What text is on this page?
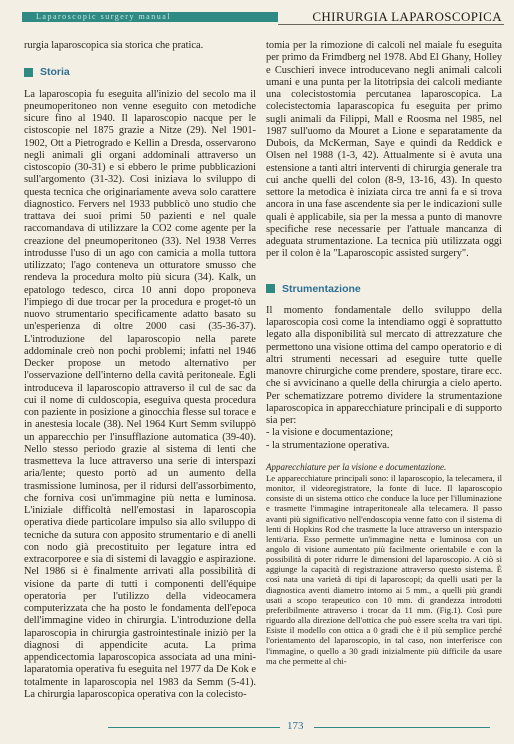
Laparoscopic surgery manual	CHIRURGIA LAPAROSCOPICA

rurgia laparoscopica sia storica che pratica.

Storia

La laparoscopia fu eseguita all'inizio del secolo ma il pneumoperitoneo non venne eseguito con metodiche sicure fino al 1940. Il laparoscopio nacque per le cistoscopie nel 1875 grazie a Nitze (29). Nel 1901-1902, Ott a Pietrogrado e Kellin a Dresda, osservarono negli animali gli organi addominali attraverso un cistoscopio (30-31) e si ebbero le prime pubblicazioni sull'argomento (31-32). Così iniziava lo sviluppo di questa tecnica che originariamente aveva solo carattere diagnostico. Fervers nel 1933 pubblicò uno studio che trattava dei suoi primi 50 pazienti e nel quale raccomandava di utilizzare la CO2 come agente per la creazione del pneumoperitoneo (33). Nel 1938 Verres introdusse l'uso di un ago con camicia a molla tuttora utilizzato; l'ago conteneva un otturatore smusso che rendeva la procedura molto più sicura (34). Kalk, un epatologo tedesco, circa 10 anni dopo proponeva l'impiego di due trocar per la procedura e proget-tò un nuovo strumentario specificamente adatto basato su un'esperienza di oltre 2000 casi (35-36-37). L'introduzione del laparoscopio nella parete addominale creò non pochi problemi; infatti nel 1946 Decker propose un metodo alternativo per l'osservazione dell'interno della cavità peritoneale. Egli introduceva il laparoscopio attraverso il cul de sac da cui il nome di culdoscopia, eseguiva questa procedura con paziente in posizione a ginocchia flesse sul torace e in anestesia locale (38). Nel 1964 Kurt Semm sviluppò un apparecchio per l'insufflazione automatica (39-40). Nello stesso periodo grazie al sistema di lenti che trasmetteva la luce attraverso una serie di interspazi aria/lente; questo portò ad un aumento della trasmissione luminosa, per il ridursi dell'assorbimento, che forniva così un'immagine più netta e luminosa. L'iniziale difficoltà nell'emostasi in laparoscopia operativa diede particolare impulso sia allo sviluppo di tecniche da sutura con apposito strumentario e di anelli con nodo già precostituito per legature intra ed extracorporee e sia di sistemi di lavaggio e aspirazione. Nel 1986 si è finalmente arrivati alla possibilità di visione da parte di tutti i componenti dell'équipe operatoria per l'utilizzo della videocamera computerizzata che ha posto le fondamenta dell'epoca dell'immagine video in chirurgia. L'introduzione della laparoscopia in chirurgia gastrointestinale iniziò per la diagnosi di appendicite acuta. La prima appendicectomia laparoscopica associata ad una mini-laparatomia operativa fu eseguita nel 1977 da De Kok e totalmente in laparoscopia nel 1983 da Semm (5-41). La chirurgia laparoscopica operativa con la colecisto-

tomia per la rimozione di calcoli nel maiale fu eseguita per primo da Frimdberg nel 1978. Abd El Ghany, Holley e Cuschieri invece introducevano negli animali calcoli umani e una punta per la litotripsia dei calcoli mediante una colecistostomia percutanea laparoscopica. La colecistectomia laparascopica fu eseguita per primo sugli animali da Filippi, Mall e Roosma nel 1985, nel 1987 sull'uomo da Mouret a Lione e separatamente da Dubois, da McKerman, Saye e quindi da Reddick e Olsen nel 1988 (1-3, 42). Attualmente si è avuta una estensione a tanti altri interventi di chirurgia generale tra cui anche quelli del colon (8-9, 13-16, 43). In questo settore la metodica è iniziata circa tre anni fa e si trova ancora in una fase ascendente sia per le indicazioni sulle quali è applicabile, sia per la messa a punto di manovre specifiche rese necessarie per l'attuale mancanza di adeguata strumentazione. La tecnica più utilizzata oggi per il colon è la "Laparoscopic assisted surgery".

Strumentazione

Il momento fondamentale dello sviluppo della laparoscopia così come la intendiamo oggi è soprattutto legato alla disponibilità sul mercato di attrezzature che permettono una visione ottima del campo operatorio e di altri strumenti necessari ad eseguire tutte quelle manovre chirurgiche come prendere, spostare, tirare ecc. che si avvicinano a quelle della chirurgia a cielo aperto. Per schematizzare potremo dividere la strumentazione laparoscopica in apparecchiature principali e di supporto sia per:

- la visione e documentazione;

- la strumentazione operativa.

Apparecchiature per la visione e documentazione.

Le apparecchiature principali sono: il laparoscopio, la telecamera, il monitor, il videoregistratore, la fonte di luce. Il laparoscopio consiste di un sistema ottico che conduce la luce per l'illuminazione e trasmette l'immagine intraperitoneale alla telecamera. Il passo avanti più significativo nell'endoscopia venne fatto con il sistema di lenti di Hopkins Rod che trasmette la luce attraverso un interspazio lenti/aria. Esso permette un'immagine netta e luminosa con un angolo di visione aumentato più facilmente orientabile e con la possibilità di poter ridurre le dimensioni del laparoscopio. A ciò si aggiunge la capacità di registrazione attraverso questo sistema. È così nata una varietà di tipi di laparoscopi; da quelli usati per la diagnostica aventi diametro intorno ai 5 mm., a quelli più grandi usati a scopo terapeutico con 10 mm. di grandezza introdotti preferibilmente attraverso i trocar da 11 mm. (Fig.1). Così pure riguardo alla direzione dell'ottica che può essere scelta tra vari tipi. Esiste il modello con ottica a 0 gradi che è il più semplice perché l'orientamento del laparoscopio, in tal caso, non interferisce con l'immagine, o quello a 30 gradi inizialmente più difficile da usare ma che permette al chi-

173
